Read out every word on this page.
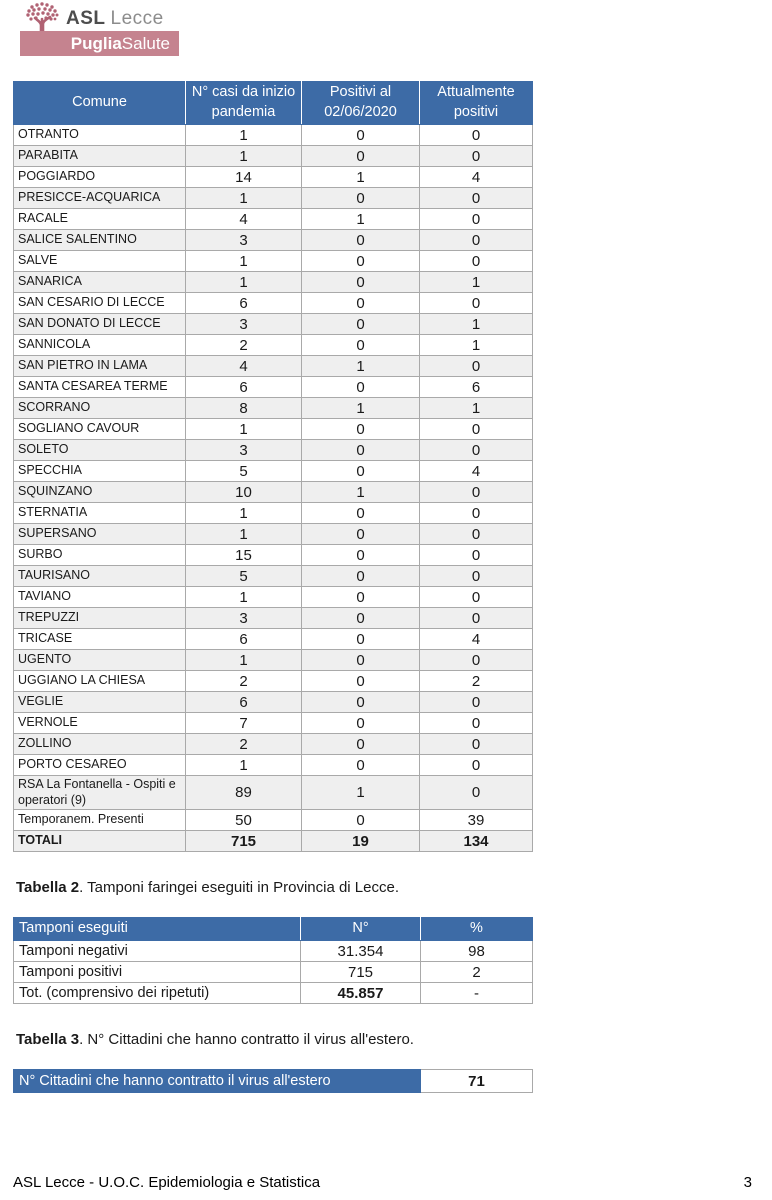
ASL Lecce
Puglia Salute
Comune	N° casi da inizio pandemia	Positivi al 02/06/2020	Attualmente positivi
OTRANTO	1	0	0
PARABITA	1	0	0
POGGIARDO	14	1	4
PRESICCE-ACQUARICA	1	0	0
RACALE	4	1	0
SALICE SALENTINO	3	0	0
SALVE	1	0	0
SANARICA	1	0	1
SAN CESARIO DI LECCE	6	0	0
SAN DONATO DI LECCE	3	0	1
SANNICOLA	2	0	1
SAN PIETRO IN LAMA	4	1	0
SANTA CESAREA TERME	6	0	6
SCORRANO	8	1	1
SOGLIANO CAVOUR	1	0	0
SOLETO	3	0	0
SPECCHIA	5	0	4
SQUINZANO	10	1	0
STERNATIA	1	0	0
SUPERSANO	1	0	0
SURBO	15	0	0
TAURISANO	5	0	0
TAVIANO	1	0	0
TREPUZZI	3	0	0
TRICASE	6	0	4
UGENTO	1	0	0
UGGIANO LA CHIESA	2	0	2
VEGLIE	6	0	0
VERNOLE	7	0	0
ZOLLINO	2	0	0
PORTO CESAREO	1	0	0
RSA La Fontanella - Ospiti e operatori (9)	89	1	0
Temporanem. Presenti	50	0	39
TOTALI	715	19	134
Tabella 2. Tamponi faringei eseguiti in Provincia di Lecce.
Tamponi eseguiti	N°	%
Tamponi negativi	31.354	98
Tamponi positivi	715	2
Tot. (comprensivo dei ripetuti)	45.857	-
Tabella 3. N° Cittadini che hanno contratto il virus all'estero.
N° Cittadini che hanno contratto il virus all'estero	71
ASL Lecce - U.O.C. Epidemiologia e Statistica	3
